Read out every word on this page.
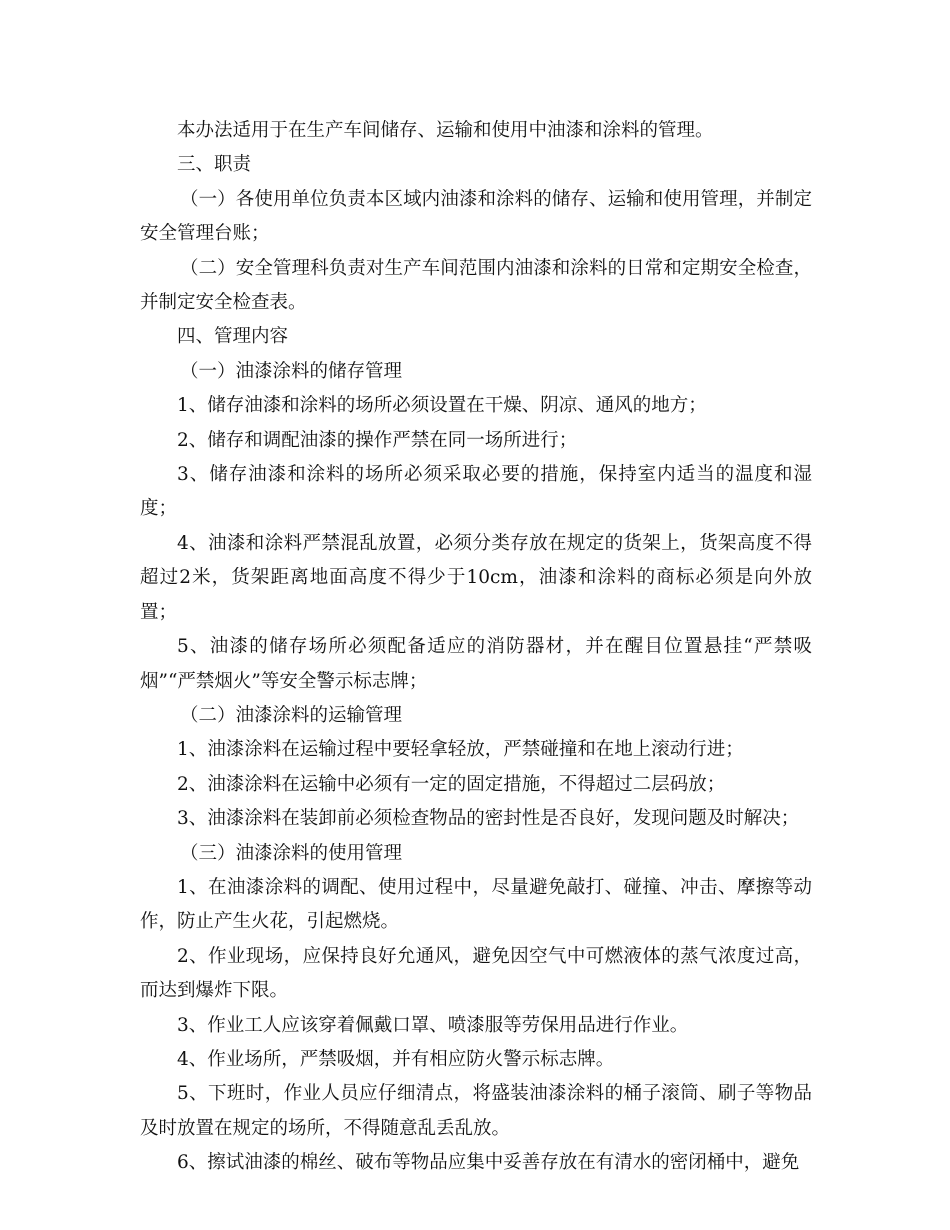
本办法适用于在生产车间储存、运输和使用中油漆和涂料的管理。

三、职责

（一）各使用单位负责本区域内油漆和涂料的储存、运输和使用管理，并制定安全管理台账；

（二）安全管理科负责对生产车间范围内油漆和涂料的日常和定期安全检查，并制定安全检查表。

四、管理内容

（一）油漆涂料的储存管理

1、储存油漆和涂料的场所必须设置在干燥、阴凉、通风的地方；

2、储存和调配油漆的操作严禁在同一场所进行；

3、储存油漆和涂料的场所必须采取必要的措施，保持室内适当的温度和湿度；

4、油漆和涂料严禁混乱放置，必须分类存放在规定的货架上，货架高度不得超过2米，货架距离地面高度不得少于10cm，油漆和涂料的商标必须是向外放置；

5、油漆的储存场所必须配备适应的消防器材，并在醒目位置悬挂“严禁吸烟”“严禁烟火”等安全警示标志牌；

（二）油漆涂料的运输管理

1、油漆涂料在运输过程中要轻拿轻放，严禁碰撞和在地上滚动行进；

2、油漆涂料在运输中必须有一定的固定措施，不得超过二层码放；

3、油漆涂料在装卸前必须检查物品的密封性是否良好，发现问题及时解决；

（三）油漆涂料的使用管理

1、在油漆涂料的调配、使用过程中，尽量避免敲打、碰撞、冲击、摩擦等动作，防止产生火花，引起燃烧。

2、作业现场，应保持良好允通风，避免因空气中可燃液体的蒸气浓度过高，而达到爆炸下限。

3、作业工人应该穿着佩戴口罩、喷漆服等劳保用品进行作业。

4、作业场所，严禁吸烟，并有相应防火警示标志牌。

5、下班时，作业人员应仔细清点，将盛装油漆涂料的桶子滚筒、刷子等物品及时放置在规定的场所，不得随意乱丢乱放。

6、擦试油漆的棉丝、破布等物品应集中妥善存放在有清水的密闭桶中，避免
